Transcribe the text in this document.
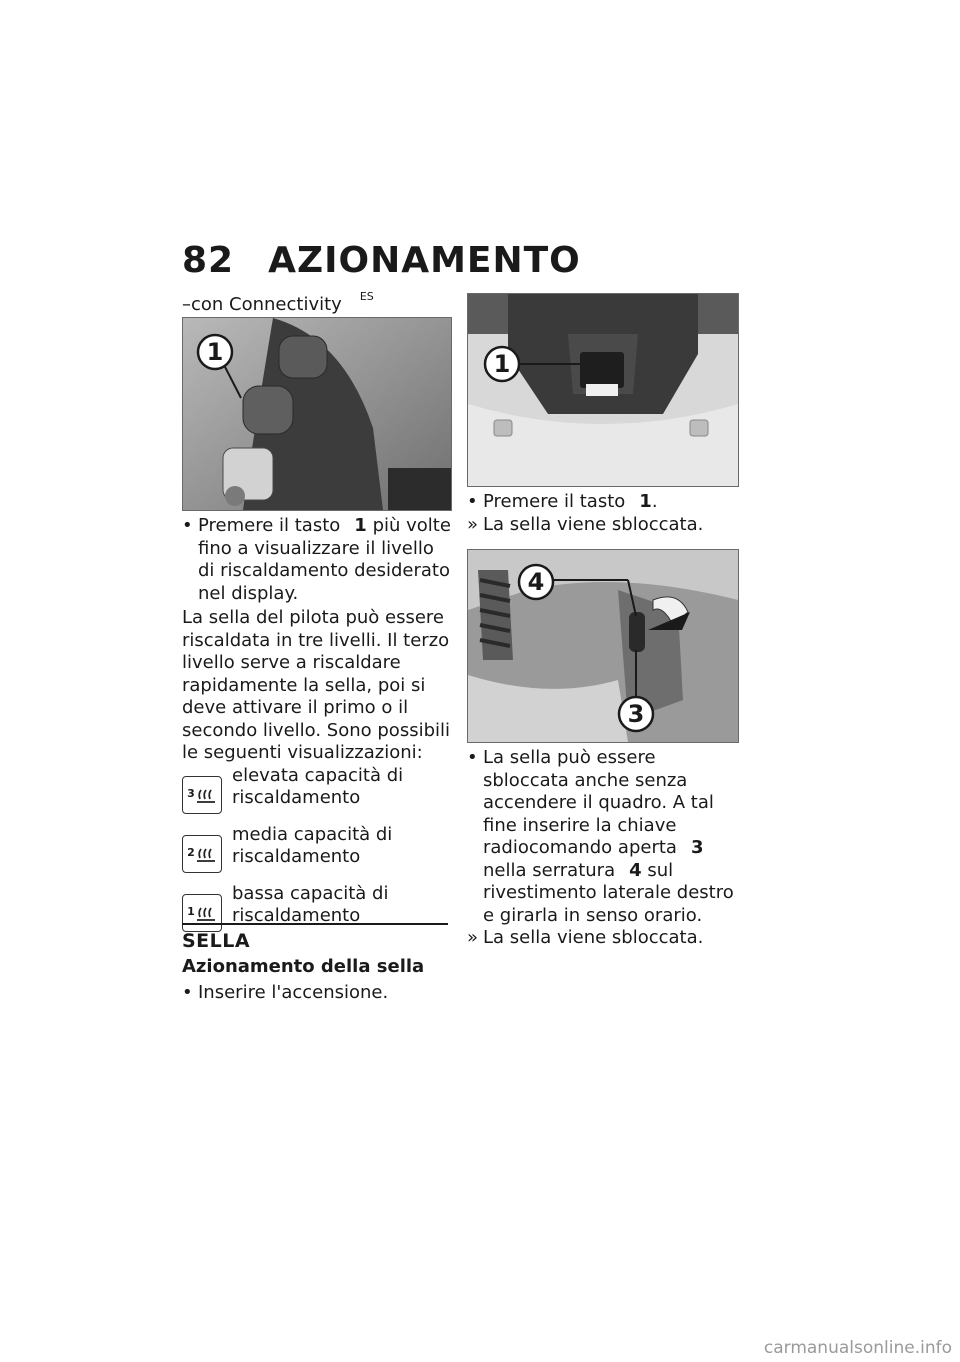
82 AZIONAMENTO
–con Connectivity $^{ES}$
1
• Premere il tasto 1 più volte fino a visualizzare il livello di riscaldamento desiderato nel display.
La sella del pilota può essere riscaldata in tre livelli. Il terzo livello serve a riscaldare rapidamente la sella, poi si deve attivare il primo o il secondo livello. Sono possibili le seguenti visualizzazioni:
3
elevata capacità di riscaldamento
2
media capacità di riscaldamento
1
bassa capacità di riscaldamento
SELLA
Azionamento della sella
• Inserire l'accensione.
1
• Premere il tasto 1.
» La sella viene sbloccata.
4
3
• La sella può essere sbloccata anche senza accendere il quadro. A tal fine inserire la chiave radiocomando aperta 3 nella serratura 4 sul rivestimento laterale destro e girarla in senso orario.
» La sella viene sbloccata.
carmanualsonline.info
